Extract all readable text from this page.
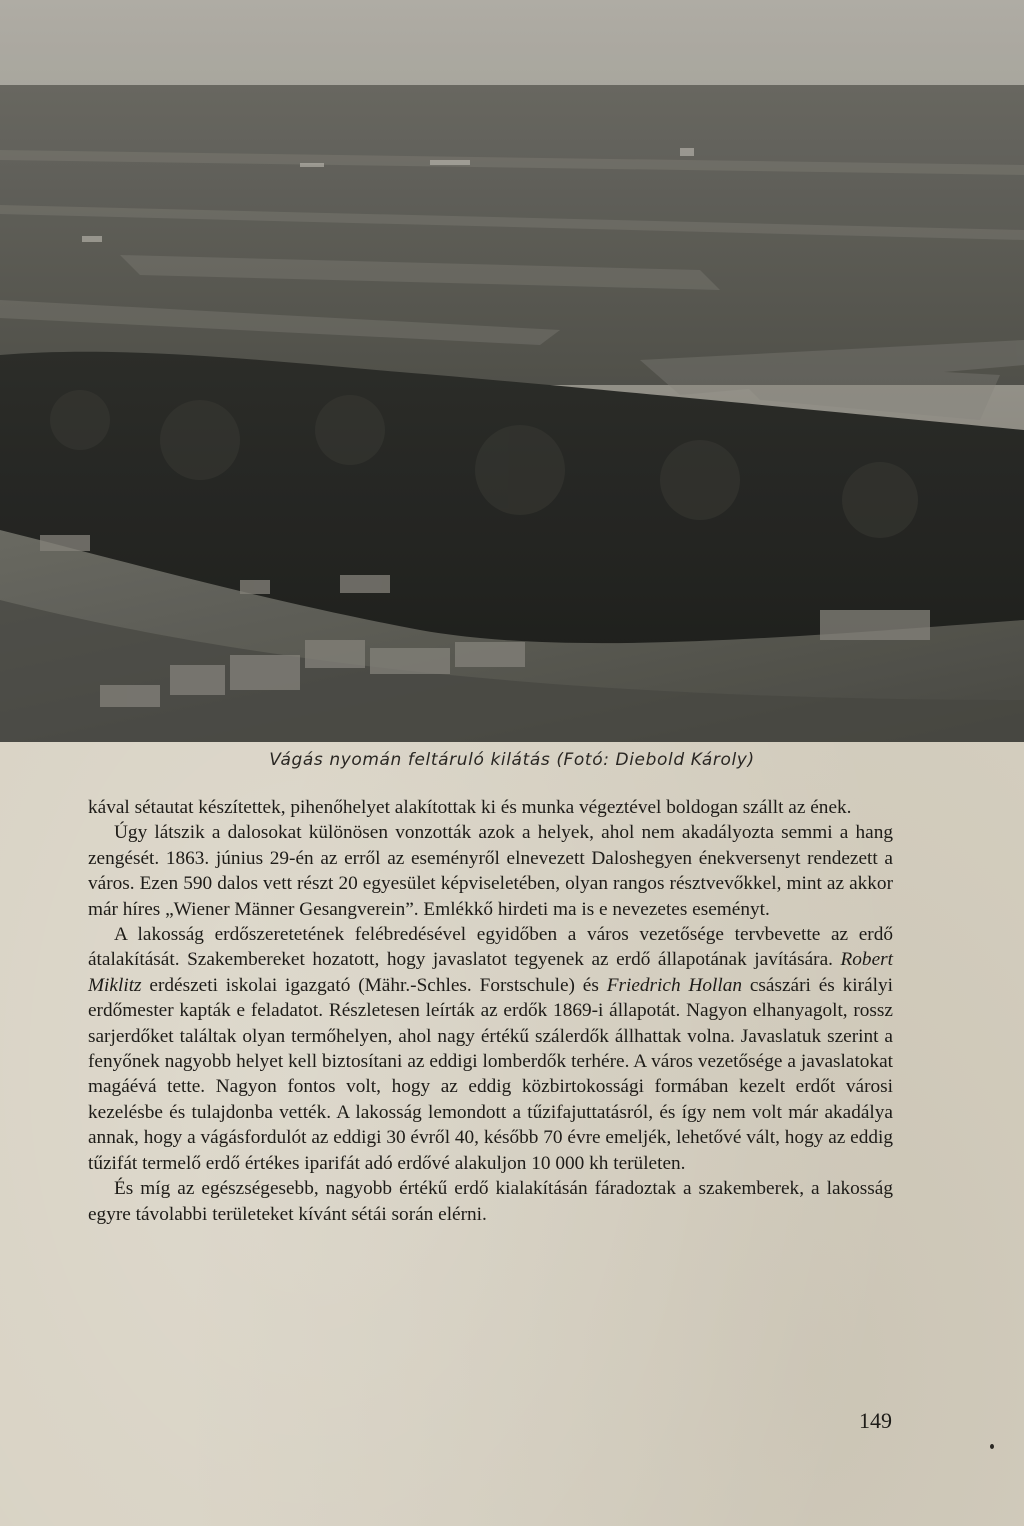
Vágás nyomán feltáruló kilátás (Fotó: Diebold Károly)

kával sétautat készítettek, pihenőhelyet alakítottak ki és munka végeztével boldogan szállt az ének.

Úgy látszik a dalosokat különösen vonzották azok a helyek, ahol nem akadályozta semmi a hang zengését. 1863. június 29-én az erről az eseményről elnevezett Daloshegyen énekversenyt rendezett a város. Ezen 590 dalos vett részt 20 egyesület képviseletében, olyan rangos résztvevőkkel, mint az akkor már híres „Wiener Männer Gesangverein”. Emlékkő hirdeti ma is e nevezetes eseményt.

A lakosság erdőszeretetének felébredésével egyidőben a város vezetősége tervbevette az erdő átalakítását. Szakembereket hozatott, hogy javaslatot tegyenek az erdő állapotának javítására. Robert Miklitz erdészeti iskolai igazgató (Mähr.-Schles. Forstschule) és Friedrich Hollan császári és királyi erdőmester kapták e feladatot. Részletesen leírták az erdők 1869-i állapotát. Nagyon elhanyagolt, rossz sarjerdőket találtak olyan termőhelyen, ahol nagy értékű szálerdők állhattak volna. Javaslatuk szerint a fenyőnek nagyobb helyet kell biztosítani az eddigi lomberdők terhére. A város vezetősége a javaslatokat magáévá tette. Nagyon fontos volt, hogy az eddig közbirtokossági formában kezelt erdőt városi kezelésbe és tulajdonba vették. A lakosság lemondott a tűzifajuttatásról, és így nem volt már akadálya annak, hogy a vágásfordulót az eddigi 30 évről 40, később 70 évre emeljék, lehetővé vált, hogy az eddig tűzifát termelő erdő értékes iparifát adó erdővé alakuljon 10 000 kh területen.

És míg az egészségesebb, nagyobb értékű erdő kialakításán fáradoztak a szakemberek, a lakosság egyre távolabbi területeket kívánt sétái során elérni.

149
